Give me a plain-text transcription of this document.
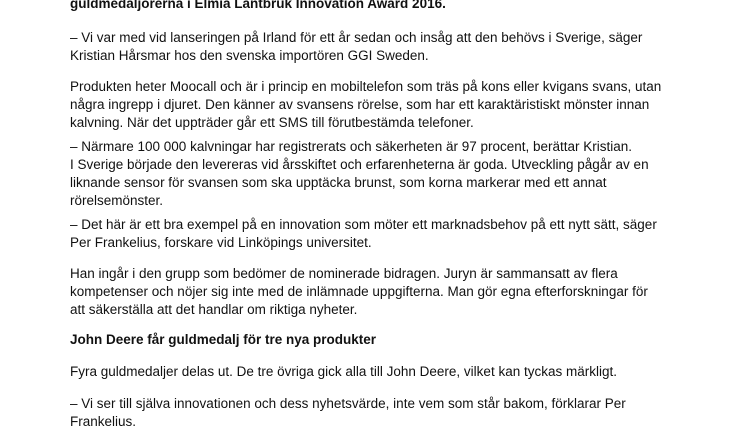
guldmedaljörerna i Elmia Lantbruk Innovation Award 2016.

– Vi var med vid lanseringen på Irland för ett år sedan och insåg att den behövs i Sverige, säger
Kristian Hårsmar hos den svenska importören GGI Sweden.

Produkten heter Moocall och är i princip en mobiltelefon som träs på kons eller kvigans svans, utan
några ingrepp i djuret. Den känner av svansens rörelse, som har ett karaktäristiskt mönster innan
kalvning. När det uppträder går ett SMS till förutbestämda telefoner.

– Närmare 100 000 kalvningar har registrerats och säkerheten är 97 procent, berättar Kristian.
I Sverige började den levereras vid årsskiftet och erfarenheterna är goda. Utveckling pågår av en
liknande sensor för svansen som ska upptäcka brunst, som korna markerar med ett annat
rörelsemönster.

– Det här är ett bra exempel på en innovation som möter ett marknadsbehov på ett nytt sätt, säger
Per Frankelius, forskare vid Linköpings universitet.

Han ingår i den grupp som bedömer de nominerade bidragen. Juryn är sammansatt av flera
kompetenser och nöjer sig inte med de inlämnade uppgifterna. Man gör egna efterforskningar för
att säkerställa att det handlar om riktiga nyheter.

John Deere får guldmedalj för tre nya produkter

Fyra guldmedaljer delas ut. De tre övriga gick alla till John Deere, vilket kan tyckas märkligt.

– Vi ser till själva innovationen och dess nyhetsvärde, inte vem som står bakom, förklarar Per
Frankelius.
